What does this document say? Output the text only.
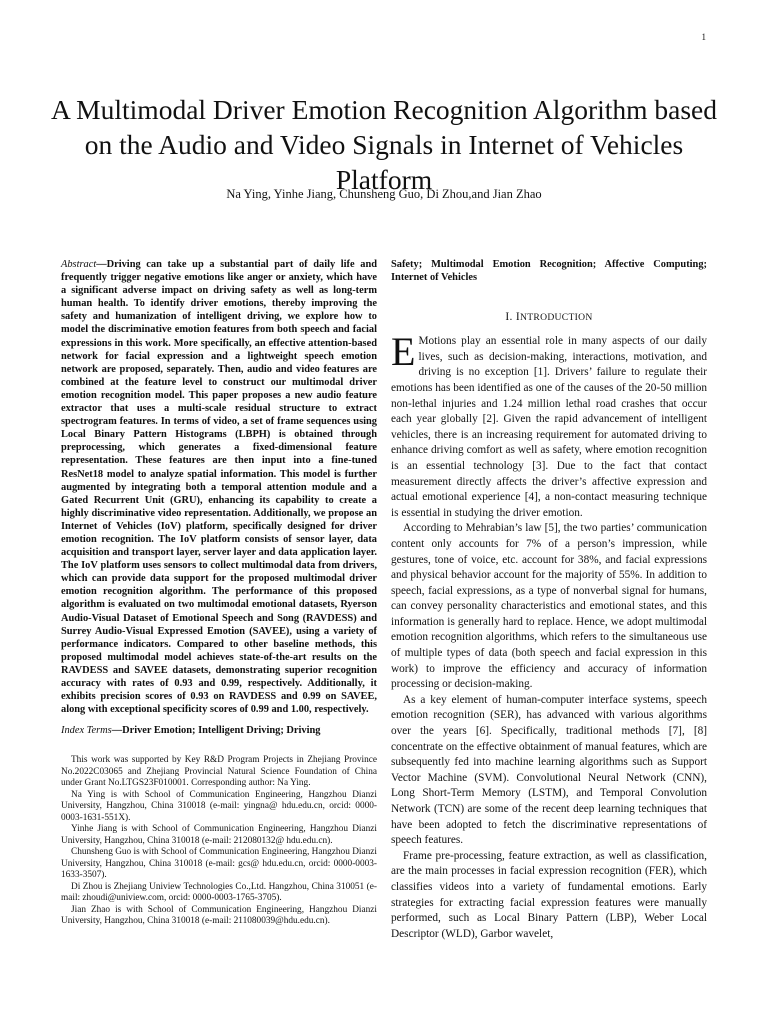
1
A Multimodal Driver Emotion Recognition Algorithm based on the Audio and Video Signals in Internet of Vehicles Platform
Na Ying, Yinhe Jiang, Chunsheng Guo, Di Zhou,and Jian Zhao

Abstract—Driving can take up a substantial part of daily life and frequently trigger negative emotions like anger or anxiety, which have a significant adverse impact on driving safety as well as long-term human health. To identify driver emotions, thereby improving the safety and humanization of intelligent driving, we explore how to model the discriminative emotion features from both speech and facial expressions in this work. More specifically, an effective attention-based network for facial expression and a lightweight speech emotion network are proposed, separately. Then, audio and video features are combined at the feature level to construct our multimodal driver emotion recognition model. This paper proposes a new audio feature extractor that uses a multi-scale residual structure to extract spectrogram features. In terms of video, a set of frame sequences using Local Binary Pattern Histograms (LBPH) is obtained through preprocessing, which generates a fixed-dimensional feature representation. These features are then input into a fine-tuned ResNet18 model to analyze spatial information. This model is further augmented by integrating both a temporal attention module and a Gated Recurrent Unit (GRU), enhancing its capability to create a highly discriminative video representation. Additionally, we propose an Internet of Vehicles (IoV) platform, specifically designed for driver emotion recognition. The IoV platform consists of sensor layer, data acquisition and transport layer, server layer and data application layer. The IoV platform uses sensors to collect multimodal data from drivers, which can provide data support for the proposed multimodal driver emotion recognition algorithm. The performance of this proposed algorithm is evaluated on two multimodal emotional datasets, Ryerson Audio-Visual Dataset of Emotional Speech and Song (RAVDESS) and Surrey Audio-Visual Expressed Emotion (SAVEE), using a variety of performance indicators. Compared to other baseline methods, this proposed multimodal model achieves state-of-the-art results on the RAVDESS and SAVEE datasets, demonstrating superior recognition accuracy with rates of 0.93 and 0.99, respectively. Additionally, it exhibits precision scores of 0.93 on RAVDESS and 0.99 on SAVEE, along with exceptional specificity scores of 0.99 and 1.00, respectively.

Index Terms—Driver Emotion; Intelligent Driving; Driving

This work was supported by Key R&D Program Projects in Zhejiang Province No.2022C03065 and Zhejiang Provincial Natural Science Foundation of China under Grant No.LTGS23F010001. Corresponding author: Na Ying.

Na Ying is with School of Communication Engineering, Hangzhou Dianzi University, Hangzhou, China 310018 (e-mail: yingna@ hdu.edu.cn, orcid: 0000-0003-1631-551X).

Yinhe Jiang is with School of Communication Engineering, Hangzhou Dianzi University, Hangzhou, China 310018 (e-mail: 212080132@ hdu.edu.cn).

Chunsheng Guo is with School of Communication Engineering, Hangzhou Dianzi University, Hangzhou, China 310018 (e-mail: gcs@ hdu.edu.cn, orcid: 0000-0003-1633-3507).

Di Zhou is Zhejiang Uniview Technologies Co.,Ltd. Hangzhou, China 310051 (e-mail: zhoudi@uniview.com, orcid: 0000-0003-1765-3705).

Jian Zhao is with School of Communication Engineering, Hangzhou Dianzi University, Hangzhou, China 310018 (e-mail: 211080039@hdu.edu.cn).

Safety; Multimodal Emotion Recognition; Affective Computing; Internet of Vehicles

I. INTRODUCTION

E Motions play an essential role in many aspects of our daily lives, such as decision-making, interactions, motivation, and driving is no exception [1]. Drivers’ failure to regulate their emotions has been identified as one of the causes of the 20-50 million non-lethal injuries and 1.24 million lethal road crashes that occur each year globally [2]. Given the rapid advancement of intelligent vehicles, there is an increasing requirement for automated driving to enhance driving comfort as well as safety, where emotion recognition is an essential technology [3]. Due to the fact that contact measurement directly affects the driver’s affective expression and actual emotional experience [4], a non-contact measuring technique is essential in studying the driver emotion.

According to Mehrabian’s law [5], the two parties’ communication content only accounts for 7% of a person’s impression, while gestures, tone of voice, etc. account for 38%, and facial expressions and physical behavior account for the majority of 55%. In addition to speech, facial expressions, as a type of nonverbal signal for humans, can convey personality characteristics and emotional states, and this information is generally hard to replace. Hence, we adopt multimodal emotion recognition algorithms, which refers to the simultaneous use of multiple types of data (both speech and facial expression in this work) to improve the efficiency and accuracy of information processing or decision-making.

As a key element of human-computer interface systems, speech emotion recognition (SER), has advanced with various algorithms over the years [6]. Specifically, traditional methods [7], [8] concentrate on the effective obtainment of manual features, which are subsequently fed into machine learning algorithms such as Support Vector Machine (SVM). Convolutional Neural Network (CNN), Long Short-Term Memory (LSTM), and Temporal Convolution Network (TCN) are some of the recent deep learning techniques that have been adopted to fetch the discriminative representations of speech features.

Frame pre-processing, feature extraction, as well as classification, are the main processes in facial expression recognition (FER), which classifies videos into a variety of fundamental emotions. Early strategies for extracting facial expression features were manually performed, such as Local Binary Pattern (LBP), Weber Local Descriptor (WLD), Garbor wavelet,
